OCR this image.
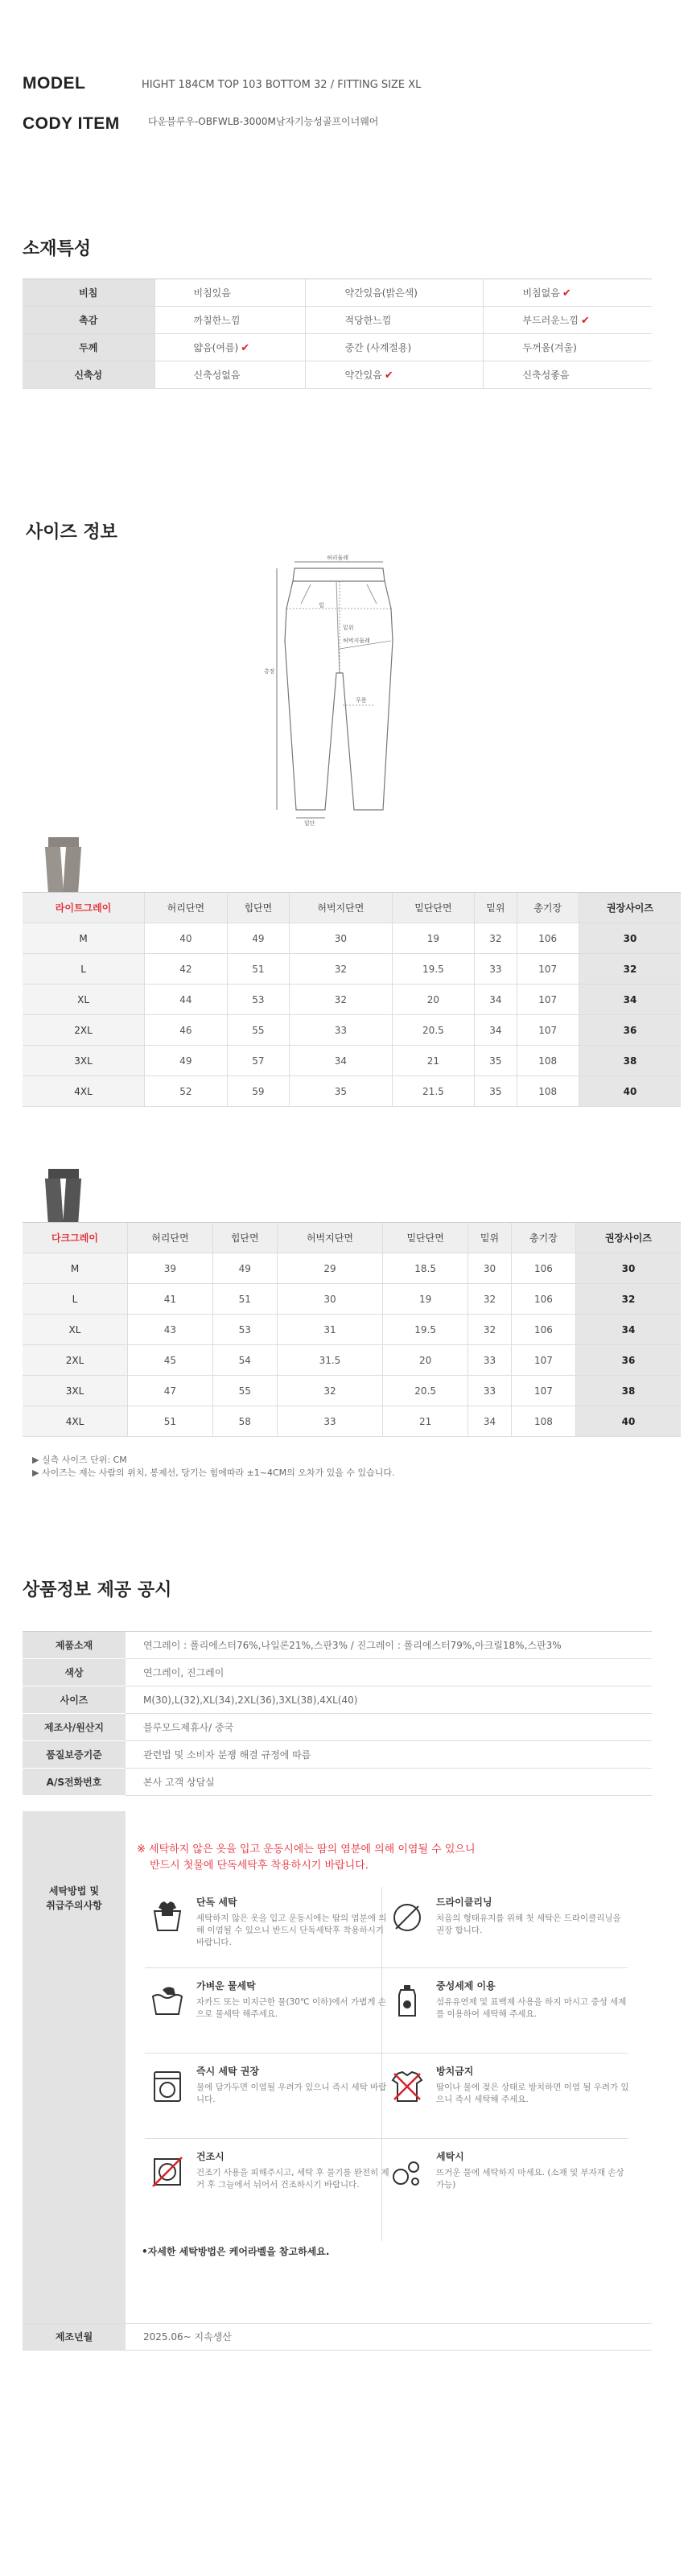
MODEL	HIGHT 184CM TOP 103 BOTTOM 32 / FITTING SIZE XL
CODY ITEM	다운블루우-OBFWLB-3000M남자기능성골프이너웨어
소재특성
비침	비침있음	약간있음(밝은색)	비침없음 ✔
촉감	까칠한느낌	적당한느낌	부드러운느낌 ✔
두께	얇음(여름) ✔	중간 (사계절용)	두꺼움(겨울)
신축성	신축성없음	약간있음 ✔	신축성좋음
사이즈 정보
허리둘레
힙
밑위
허벅지둘레
무릎
밑단
총장
라이트그레이	허리단면	힙단면	허벅지단면	밑단단면	밑위	총기장	권장사이즈
M	40	49	30	19	32	106	30
L	42	51	32	19.5	33	107	32
XL	44	53	32	20	34	107	34
2XL	46	55	33	20.5	34	107	36
3XL	49	57	34	21	35	108	38
4XL	52	59	35	21.5	35	108	40
다크그레이	허리단면	힙단면	허벅지단면	밑단단면	밑위	총기장	권장사이즈
M	39	49	29	18.5	30	106	30
L	41	51	30	19	32	106	32
XL	43	53	31	19.5	32	106	34
2XL	45	54	31.5	20	33	107	36
3XL	47	55	32	20.5	33	107	38
4XL	51	58	33	21	34	108	40
▶ 실측 사이즈 단위: CM
▶ 사이즈는 재는 사람의 위치, 봉제선, 당기는 힘에따라 ±1~4CM의 오차가 있을 수 있습니다.
상품정보 제공 공시
제품소재	연그레이 : 폴리에스터76%,나일론21%,스판3% / 진그레이 : 폴리에스터79%,아크릴18%,스판3%
색상	연그레이, 진그레이
사이즈	M(30),L(32),XL(34),2XL(36),3XL(38),4XL(40)
제조사/원산지	블루모드제휴사/ 중국
품질보증기준	관련법 및 소비자 분쟁 해결 규정에 따름
A/S전화번호	본사 고객 상담실
세탁방법 및
취급주의사항
※ 세탁하지 않은 옷을 입고 운동시에는 땀의 염분에 의해 이염될 수 있으니
반드시 첫물에 단독세탁후 착용하시기 바랍니다.
단독 세탁
세탁하지 않은 옷을 입고 운동시에는 땀의 염분에 의해 이염될 수 있으니 반드시 단독세탁후 착용하시기 바랍니다.
드라이클리닝
처음의 형태유지를 위해 첫 세탁은 드라이클리닝을 권장 합니다.
가벼운 물세탁
자카드 또는 미지근한 물(30℃ 이하)에서 가볍게 손으로 물세탁 해주세요.
중성세제 이용
섬유유연제 및 표백제 사용을 하지 마시고 중성 세제를 이용하여 세탁해 주세요.
즉시 세탁 권장
물에 담가두면 이염될 우려가 있으니 즉시 세탁 바랍니다.
방치금지
땀이나 물에 젖은 상태로 방치하면 이염 될 우려가 있으니 즉시 세탁해 주세요.
건조시
건조기 사용을 피해주시고, 세탁 후 물기를 완전히 제거 후 그늘에서 뉘어서 건조하시기 바랍니다.
세탁시
뜨거운 물에 세탁하지 마세요. (소재 및 부자재 손상가능)
•자세한 세탁방법은 케어라벨을 참고하세요.
제조년월	2025.06~ 지속생산
